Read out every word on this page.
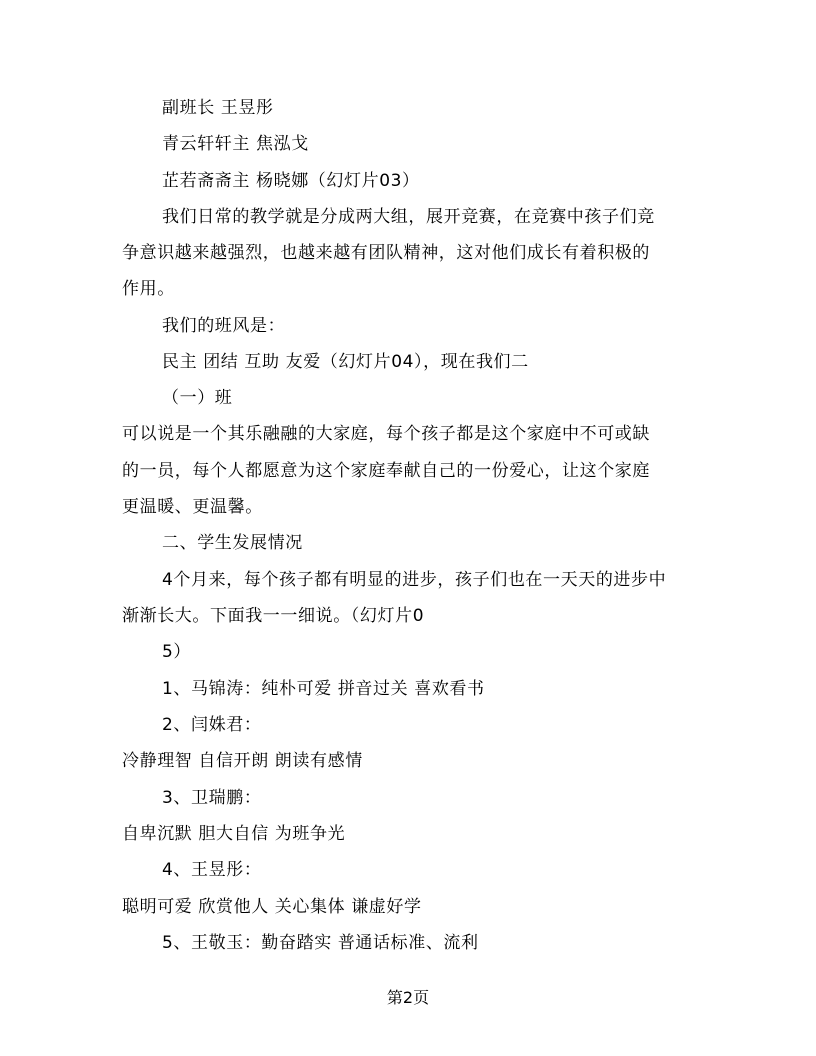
副班长 王昱彤
青云轩轩主 焦泓戈
芷若斋斋主 杨晓娜（幻灯片03）
我们日常的教学就是分成两大组，展开竞赛，在竞赛中孩子们竞
争意识越来越强烈，也越来越有团队精神，这对他们成长有着积极的
作用。
我们的班风是：
民主 团结 互助 友爱（幻灯片04），现在我们二
（一）班
可以说是一个其乐融融的大家庭，每个孩子都是这个家庭中不可或缺
的一员，每个人都愿意为这个家庭奉献自己的一份爱心，让这个家庭
更温暖、更温馨。
二、学生发展情况
4个月来，每个孩子都有明显的进步，孩子们也在一天天的进步中
渐渐长大。下面我一一细说。（幻灯片0
5）
1、马锦涛：纯朴可爱 拼音过关 喜欢看书
2、闫姝君：
冷静理智 自信开朗 朗读有感情
3、卫瑞鹏：
自卑沉默 胆大自信 为班争光
4、王昱彤：
聪明可爱 欣赏他人 关心集体 谦虚好学
5、王敬玉：勤奋踏实 普通话标准、流利
第2页
